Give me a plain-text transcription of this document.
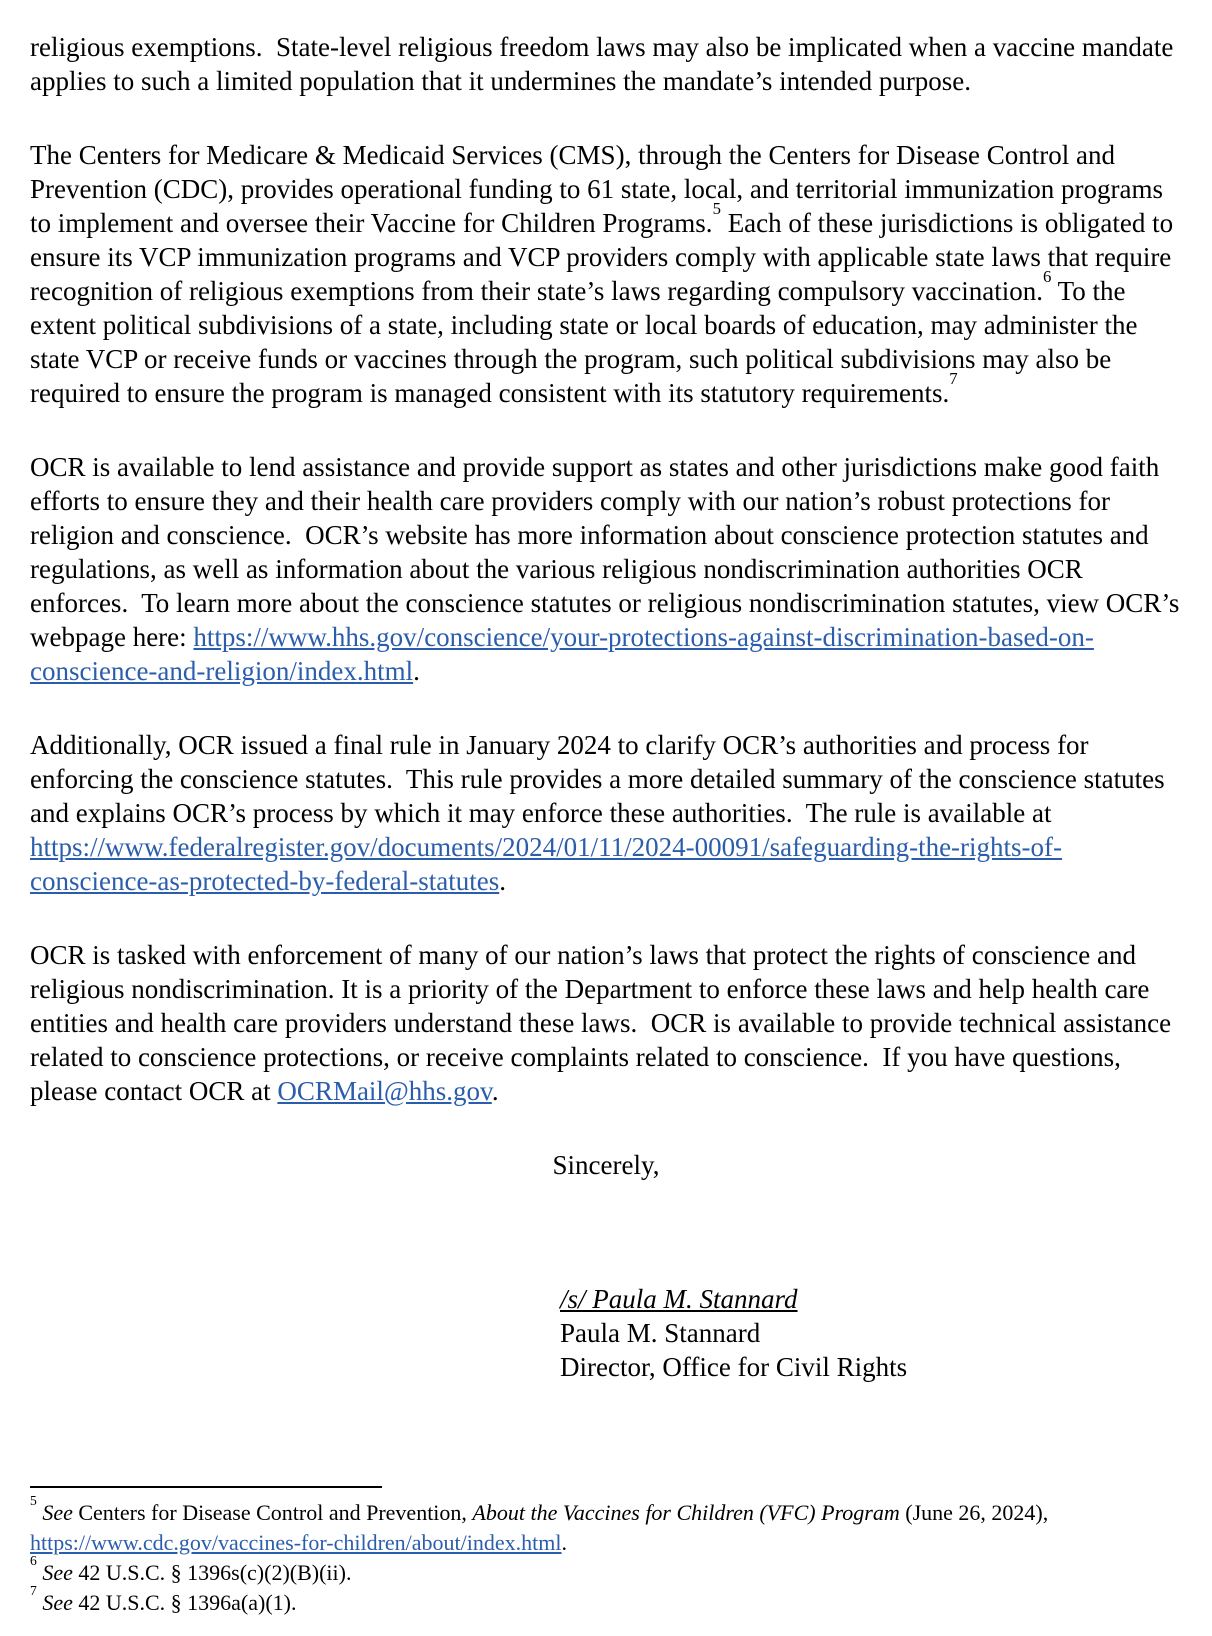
religious exemptions.  State-level religious freedom laws may also be implicated when a vaccine mandate applies to such a limited population that it undermines the mandate’s intended purpose.

The Centers for Medicare & Medicaid Services (CMS), through the Centers for Disease Control and Prevention (CDC), provides operational funding to 61 state, local, and territorial immunization programs to implement and oversee their Vaccine for Children Programs.$^5$ Each of these jurisdictions is obligated to ensure its VCP immunization programs and VCP providers comply with applicable state laws that require recognition of religious exemptions from their state’s laws regarding compulsory vaccination.$^6$ To the extent political subdivisions of a state, including state or local boards of education, may administer the state VCP or receive funds or vaccines through the program, such political subdivisions may also be required to ensure the program is managed consistent with its statutory requirements.$^7$

OCR is available to lend assistance and provide support as states and other jurisdictions make good faith efforts to ensure they and their health care providers comply with our nation’s robust protections for religion and conscience.  OCR’s website has more information about conscience protection statutes and regulations, as well as information about the various religious nondiscrimination authorities OCR enforces.  To learn more about the conscience statutes or religious nondiscrimination statutes, view OCR’s webpage here: https://www.hhs.gov/conscience/your-protections-against-discrimination-based-on-conscience-and-religion/index.html.

Additionally, OCR issued a final rule in January 2024 to clarify OCR’s authorities and process for enforcing the conscience statutes.  This rule provides a more detailed summary of the conscience statutes and explains OCR’s process by which it may enforce these authorities.  The rule is available at https://www.federalregister.gov/documents/2024/01/11/2024-00091/safeguarding-the-rights-of-conscience-as-protected-by-federal-statutes.

OCR is tasked with enforcement of many of our nation’s laws that protect the rights of conscience and religious nondiscrimination. It is a priority of the Department to enforce these laws and help health care entities and health care providers understand these laws.  OCR is available to provide technical assistance related to conscience protections, or receive complaints related to conscience.  If you have questions, please contact OCR at OCRMail@hhs.gov.

Sincerely,

/s/ Paula M. Stannard

Paula M. Stannard

Director, Office for Civil Rights

$^5$ See Centers for Disease Control and Prevention, About the Vaccines for Children (VFC) Program (June 26, 2024), https://www.cdc.gov/vaccines-for-children/about/index.html.

$^6$ See 42 U.S.C. § 1396s(c)(2)(B)(ii).

$^7$ See 42 U.S.C. § 1396a(a)(1).
